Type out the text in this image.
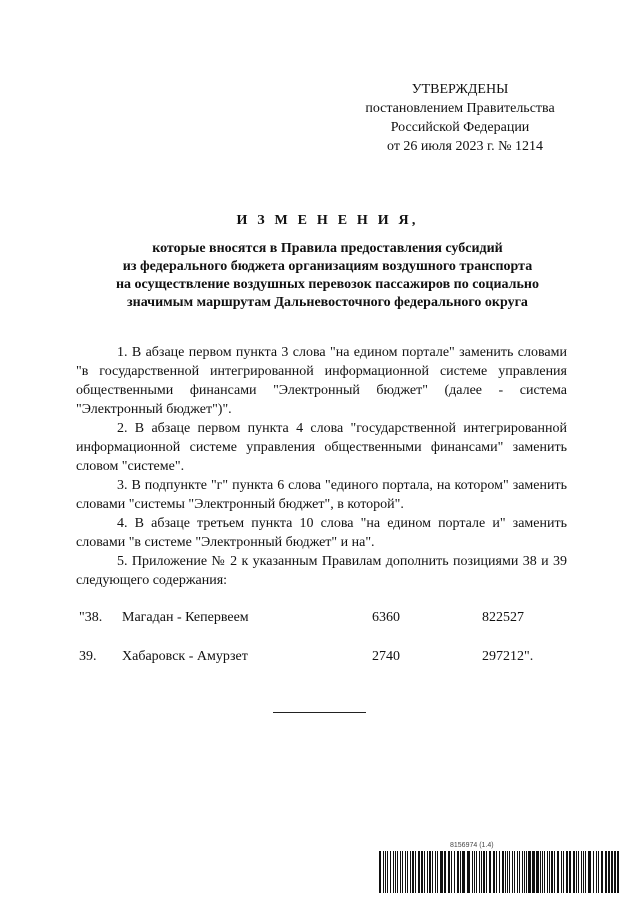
УТВЕРЖДЕНЫ
постановлением Правительства
Российской Федерации
от 26 июля 2023 г. № 1214
И З М Е Н Е Н И Я,
которые вносятся в Правила предоставления субсидий
из федерального бюджета организациям воздушного транспорта
на осуществление воздушных перевозок пассажиров по социально
значимым маршрутам Дальневосточного федерального округа

1. В абзаце первом пункта 3 слова "на едином портале" заменить словами "в государственной интегрированной информационной системе управления общественными финансами "Электронный бюджет" (далее - система "Электронный бюджет")".

2. В абзаце первом пункта 4 слова "государственной интегрированной информационной системе управления общественными финансами" заменить словом "системе".

3. В подпункте "г" пункта 6 слова "единого портала, на котором" заменить словами "системы "Электронный бюджет", в которой".

4. В абзаце третьем пункта 10 слова "на едином портале и" заменить словами "в системе "Электронный бюджет" и на".

5. Приложение № 2 к указанным Правилам дополнить позициями 38 и 39 следующего содержания:

"38. Магадан - Кепервеем	6360	822527
39. Хабаровск - Амурзет	2740	297212".
8156974 (1.4)
